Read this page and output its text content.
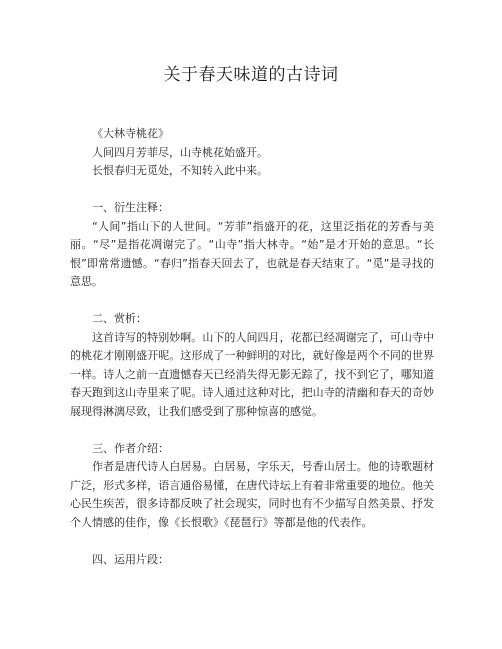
关于春天味道的古诗词
《大林寺桃花》
人间四月芳菲尽，山寺桃花始盛开。
长恨春归无觅处，不知转入此中来。
一、衍生注释：
“人间”指山下的人世间。“芳菲”指盛开的花，这里泛指花的芳香与美丽。“尽”是指花凋谢完了。“山寺”指大林寺。“始”是才开始的意思。“长恨”即常常遗憾。“春归”指春天回去了，也就是春天结束了。“觅”是寻找的意思。
二、赏析：
这首诗写的特别妙啊。山下的人间四月，花都已经凋谢完了，可山寺中的桃花才刚刚盛开呢。这形成了一种鲜明的对比，就好像是两个不同的世界一样。诗人之前一直遗憾春天已经消失得无影无踪了，找不到它了，哪知道春天跑到这山寺里来了呢。诗人通过这种对比，把山寺的清幽和春天的奇妙展现得淋漓尽致，让我们感受到了那种惊喜的感觉。
三、作者介绍：
作者是唐代诗人白居易。白居易，字乐天，号香山居士。他的诗歌题材广泛，形式多样，语言通俗易懂，在唐代诗坛上有着非常重要的地位。他关心民生疾苦，很多诗都反映了社会现实，同时也有不少描写自然美景、抒发个人情感的佳作，像《长恨歌》《琵琶行》等都是他的代表作。
四、运用片段：
